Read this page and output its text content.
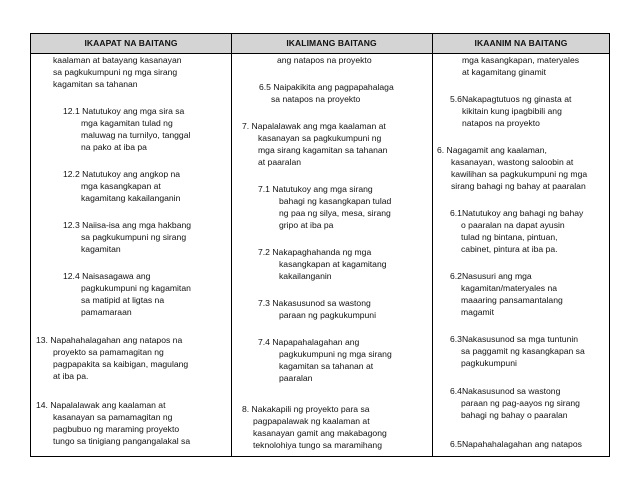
IKAAPAT NA BAITANG	IKALIMANG BAITANG	IKAANIM NA BAITANG
kaalaman at batayang kasanayan
sa pagkukumpuni ng mga sirang
kagamitan sa tahanan
12.1 Natutukoy ang mga sira sa
mga kagamitan tulad ng
maluwag na turnilyo, tanggal
na pako at iba pa
12.2 Natutukoy ang angkop na
mga kasangkapan at
kagamitang kakailanganin
12.3 Naiisa-isa ang mga hakbang
sa pagkukumpuni ng sirang
kagamitan
12.4 Naisasagawa ang
pagkukumpuni ng kagamitan
sa matipid at ligtas na
pamamaraan
13. Napahahalagahan ang natapos na
proyekto sa pamamagitan ng
pagpapakita sa kaibigan, magulang
at iba pa.
14. Napalalawak ang kaalaman at
kasanayan sa pamamagitan ng
pagbubuo ng maraming proyekto
tungo sa tinigiang pangangalakal sa
ang natapos na proyekto
6.5 Naipakikita ang pagpapahalaga
sa natapos na proyekto
7. Napalalawak ang mga kaalaman at
kasanayan sa pagkukumpuni ng
mga sirang kagamitan sa tahanan
at paaralan
7.1 Natutukoy ang mga sirang
bahagi ng kasangkapan tulad
ng paa ng silya, mesa, sirang
gripo at iba pa
7.2 Nakapaghahanda ng mga
kasangkapan at kagamitang
kakailanganin
7.3 Nakasusunod sa wastong
paraan ng pagkukumpuni
7.4 Napapahalagahan ang
pagkukumpuni ng mga sirang
kagamitan sa tahanan at
paaralan
8. Nakakapili ng proyekto para sa
pagpapalawak ng kaalaman at
kasanayan gamit ang makabagong
teknolohiya tungo sa maramihang
mga kasangkapan, materyales
at kagamitang ginamit
5.6Nakapagtutuos ng ginasta at
kikitain kung ipagbibili ang
natapos na proyekto
6. Nagagamit ang kaalaman,
kasanayan, wastong saloobin at
kawilihan sa pagkukumpuni ng mga
sirang bahagi ng bahay at paaralan
6.1Natutukoy ang bahagi ng bahay
o paaralan na dapat ayusin
tulad ng bintana, pintuan,
cabinet, pintura at iba pa.
6.2Nasusuri ang mga
kagamitan/materyales na
maaaring pansamantalang
magamit
6.3Nakasusunod sa mga tuntunin
sa paggamit ng kasangkapan sa
pagkukumpuni
6.4Nakasusunod sa wastong
paraan ng pag-aayos ng sirang
bahagi ng bahay o paaralan
6.5Napahahalagahan ang natapos
